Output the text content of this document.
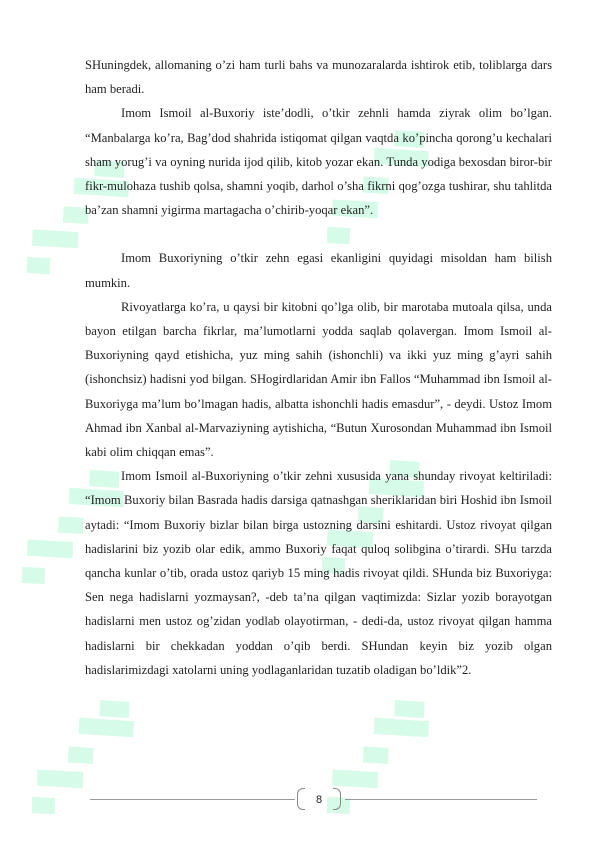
SHuningdek, allomaning o’zi ham turli bahs va munozaralarda ishtirok etib, toliblarga dars ham beradi.

Imom Ismoil al-Buxoriy iste’dodli, o’tkir zehnli hamda ziyrak olim bo’lgan. “Manbalarga ko’ra, Bag’dod shahrida istiqomat qilgan vaqtda ko’pincha qorong’u kechalari sham yorug’i va oyning nurida ijod qilib, kitob yozar ekan. Tunda yodiga bexosdan biror-bir fikr-mulohaza tushib qolsa, shamni yoqib, darhol o’sha fikrni qog’ozga tushirar, shu tahlitda ba’zan shamni yigirma martagacha o’chirib-yoqar ekan”.

Imom Buxoriyning o’tkir zehn egasi ekanligini quyidagi misoldan ham bilish mumkin.

Rivoyatlarga ko’ra, u qaysi bir kitobni qo’lga olib, bir marotaba mutoala qilsa, unda bayon etilgan barcha fikrlar, ma’lumotlarni yodda saqlab qolavergan. Imom Ismoil al-Buxoriyning qayd etishicha, yuz ming sahih (ishonchli) va ikki yuz ming g’ayri sahih (ishonchsiz) hadisni yod bilgan. SHogirdlaridan Amir ibn Fallos “Muhammad ibn Ismoil al-Buxoriyga ma’lum bo’lmagan hadis, albatta ishonchli hadis emasdur”, - deydi. Ustoz Imom Ahmad ibn Xanbal al-Marvaziyning aytishicha, “Butun Xurosondan Muhammad ibn Ismoil kabi olim chiqqan emas”.

Imom Ismoil al-Buxoriyning o’tkir zehni xususida yana shunday rivoyat keltiriladi: “Imom Buxoriy bilan Basrada hadis darsiga qatnashgan sheriklaridan biri Hoshid ibn Ismoil aytadi: “Imom Buxoriy bizlar bilan birga ustozning darsini eshitardi. Ustoz rivoyat qilgan hadislarini biz yozib olar edik, ammo Buxoriy faqat quloq solibgina o’tirardi. SHu tarzda qancha kunlar o’tib, orada ustoz qariyb 15 ming hadis rivoyat qildi. SHunda biz Buxoriyga: Sen nega hadislarni yozmaysan?, -deb ta’na qilgan vaqtimizda: Sizlar yozib borayotgan hadislarni men ustoz og’zidan yodlab olayotirman, - dedi-da, ustoz rivoyat qilgan hamma hadislarni bir chekkadan yoddan o’qib berdi. SHundan keyin biz yozib olgan hadislarimizdagi xatolarni uning yodlaganlaridan tuzatib oladigan bo’ldik”2.

8
